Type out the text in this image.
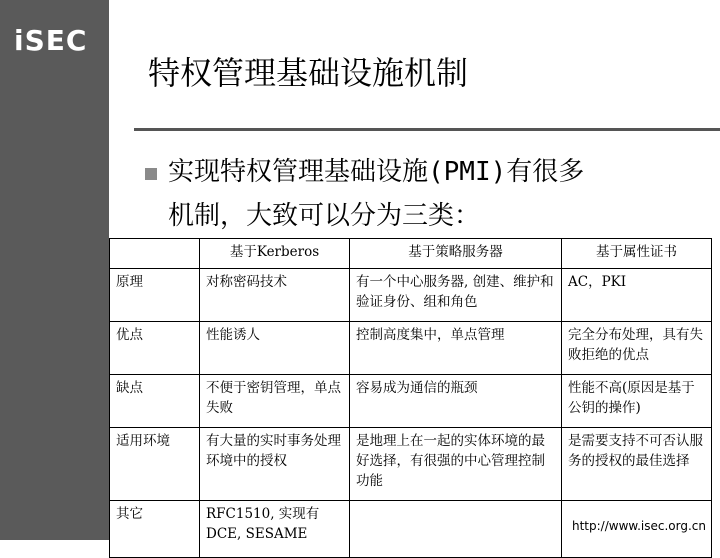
iSEC
特权管理基础设施机制
实现特权管理基础设施(PMI)有很多
机制，大致可以分为三类：
	基于Kerberos	基于策略服务器	基于属性证书
原理	对称密码技术	有一个中心服务器, 创建、维护和验证身份、组和角色	AC，PKI
优点	性能诱人	控制高度集中，单点管理	完全分布处理，具有失败拒绝的优点
缺点	不便于密钥管理，单点失败	容易成为通信的瓶颈	性能不高(原因是基于公钥的操作)
适用环境	有大量的实时事务处理环境中的授权	是地理上在一起的实体环境的最好选择，有很强的中心管理控制功能	是需要支持不可否认服务的授权的最佳选择
其它	RFC1510, 实现有DCE, SESAME			http://www.isec.org.cn
